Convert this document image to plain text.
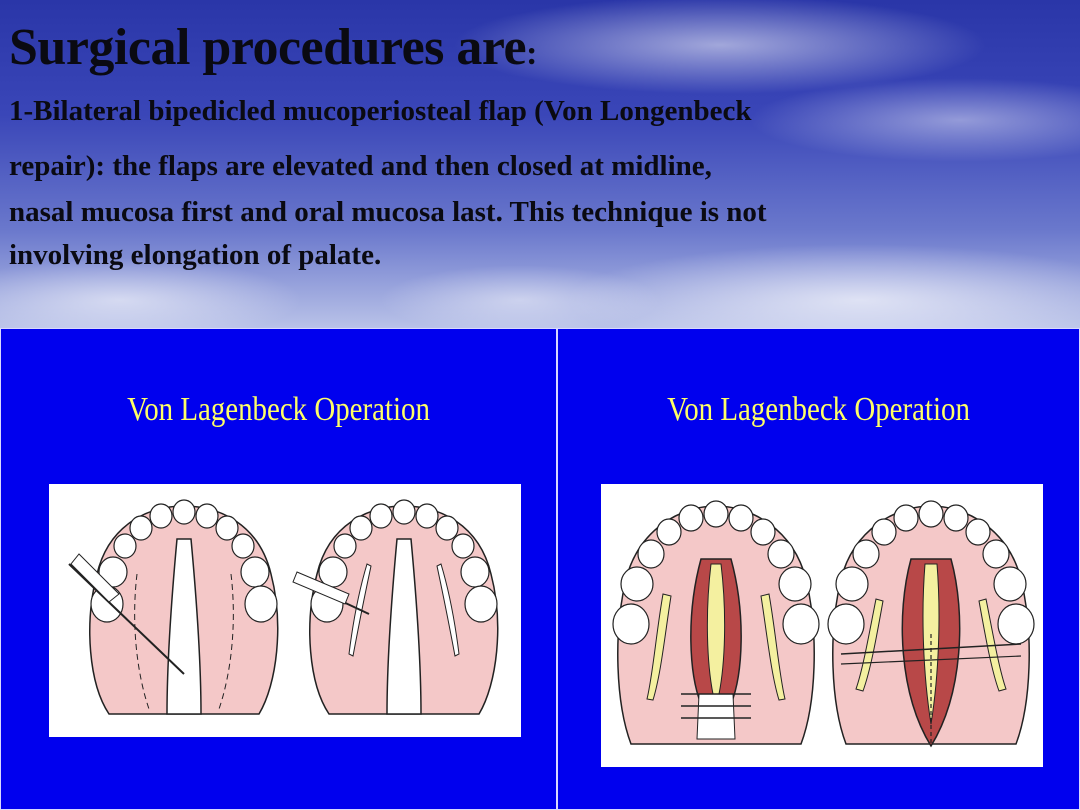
Surgical procedures are:
1-Bilateral bipedicled mucoperiosteal flap (Von Longenbeck
repair): the flaps are elevated and then closed at midline,
nasal mucosa first and oral mucosa last. This technique is not
involving elongation of palate.
Von Lagenbeck Operation	Von Lagenbeck Operation
